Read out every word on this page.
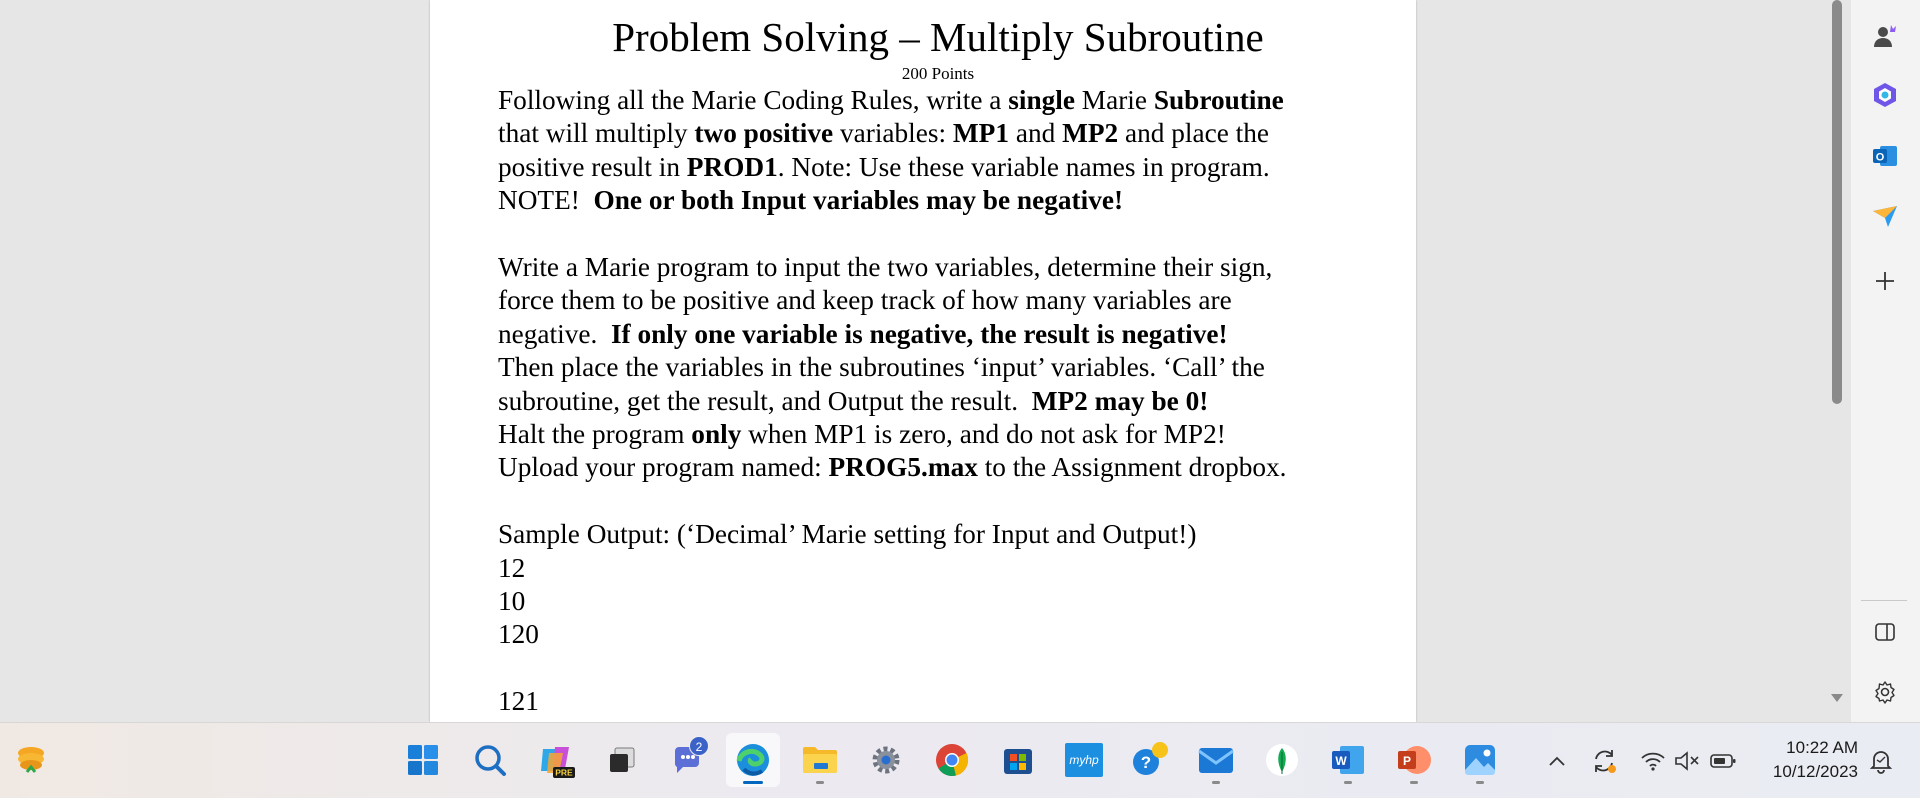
Problem Solving – Multiply Subroutine
200 Points
Following all the Marie Coding Rules, write a single Marie Subroutine
that will multiply two positive variables: MP1 and MP2 and place the
positive result in PROD1. Note: Use these variable names in program.
NOTE!  One or both Input variables may be negative!
Write a Marie program to input the two variables, determine their sign,
force them to be positive and keep track of how many variables are
negative.  If only one variable is negative, the result is negative!
Then place the variables in the subroutines ‘input’ variables. ‘Call’ the
subroutine, get the result, and Output the result.  MP2 may be 0!
Halt the program only when MP1 is zero, and do not ask for MP2!
Upload your program named: PROG5.max to the Assignment dropbox.
Sample Output: (‘Decimal’ Marie setting for Input and Output!)
12
10
120
121
O
PRE
2
myhp ?	W	P
10:22 AM
10/12/2023
